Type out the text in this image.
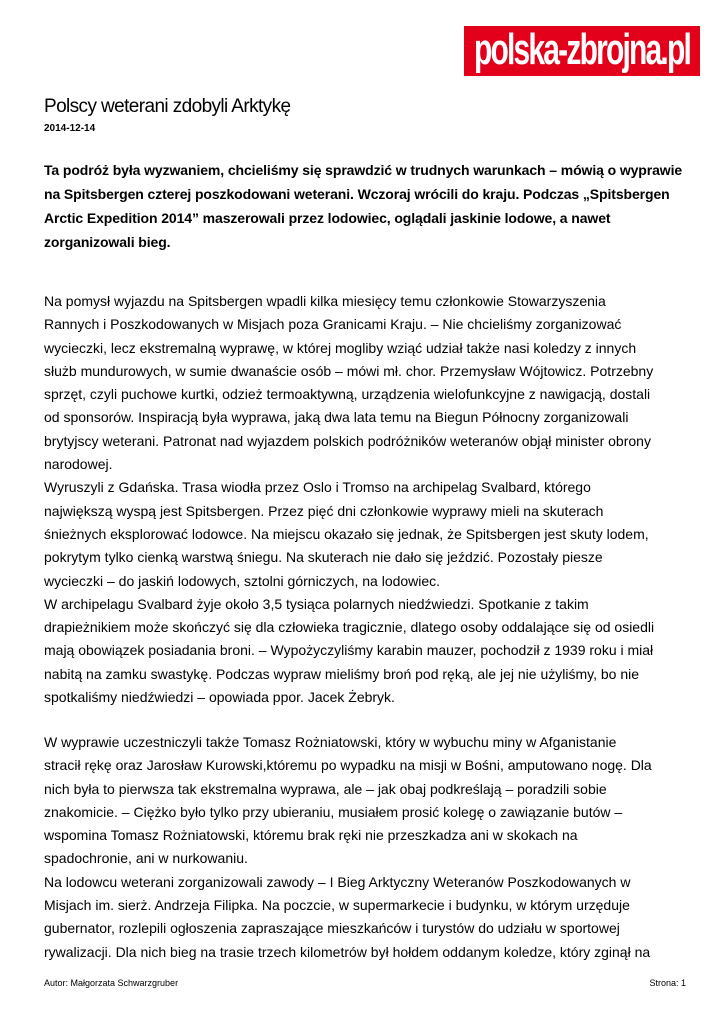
polska-zbrojna.pl
Polscy weterani zdobyli Arktykę
2014-12-14

Ta podróż była wyzwaniem, chcieliśmy się sprawdzić w trudnych warunkach – mówią o wyprawie
na Spitsbergen czterej poszkodowani weterani. Wczoraj wrócili do kraju. Podczas „Spitsbergen
Arctic Expedition 2014” maszerowali przez lodowiec, oglądali jaskinie lodowe, a nawet
zorganizowali bieg.

Na pomysł wyjazdu na Spitsbergen wpadli kilka miesięcy temu członkowie Stowarzyszenia
Rannych i Poszkodowanych w Misjach poza Granicami Kraju. – Nie chcieliśmy zorganizować
wycieczki, lecz ekstremalną wyprawę, w której mogliby wziąć udział także nasi koledzy z innych
służb mundurowych, w sumie dwanaście osób – mówi mł. chor. Przemysław Wójtowicz. Potrzebny
sprzęt, czyli puchowe kurtki, odzież termoaktywną, urządzenia wielofunkcyjne z nawigacją, dostali
od sponsorów. Inspiracją była wyprawa, jaką dwa lata temu na Biegun Północny zorganizowali
brytyjscy weterani. Patronat nad wyjazdem polskich podróżników weteranów objął minister obrony
narodowej.
Wyruszyli z Gdańska. Trasa wiodła przez Oslo i Tromso na archipelag Svalbard, którego
największą wyspą jest Spitsbergen. Przez pięć dni członkowie wyprawy mieli na skuterach
śnieżnych eksplorować lodowce. Na miejscu okazało się jednak, że Spitsbergen jest skuty lodem,
pokrytym tylko cienką warstwą śniegu. Na skuterach nie dało się jeździć. Pozostały piesze
wycieczki – do jaskiń lodowych, sztolni górniczych, na lodowiec.
W archipelagu Svalbard żyje około 3,5 tysiąca polarnych niedźwiedzi. Spotkanie z takim
drapieżnikiem może skończyć się dla człowieka tragicznie, dlatego osoby oddalające się od osiedli
mają obowiązek posiadania broni. – Wypożyczyliśmy karabin mauzer, pochodził z 1939 roku i miał
nabitą na zamku swastykę. Podczas wypraw mieliśmy broń pod ręką, ale jej nie użyliśmy, bo nie
spotkaliśmy niedźwiedzi – opowiada ppor. Jacek Żebryk.

W wyprawie uczestniczyli także Tomasz Rożniatowski, który w wybuchu miny w Afganistanie
stracił rękę oraz Jarosław Kurowski,któremu po wypadku na misji w Bośni, amputowano nogę. Dla
nich była to pierwsza tak ekstremalna wyprawa, ale – jak obaj podkreślają – poradzili sobie
znakomicie. – Ciężko było tylko przy ubieraniu, musiałem prosić kolegę o zawiązanie butów –
wspomina Tomasz Rożniatowski, któremu brak ręki nie przeszkadza ani w skokach na
spadochronie, ani w nurkowaniu.
Na lodowcu weterani zorganizowali zawody – I Bieg Arktyczny Weteranów Poszkodowanych w
Misjach im. sierż. Andrzeja Filipka. Na poczcie, w supermarkecie i budynku, w którym urzęduje
gubernator, rozlepili ogłoszenia zapraszające mieszkańców i turystów do udziału w sportowej
rywalizacji. Dla nich bieg na trasie trzech kilometrów był hołdem oddanym koledze, który zginął na

Autor: Małgorzata Schwarzgruber	Strona: 1
